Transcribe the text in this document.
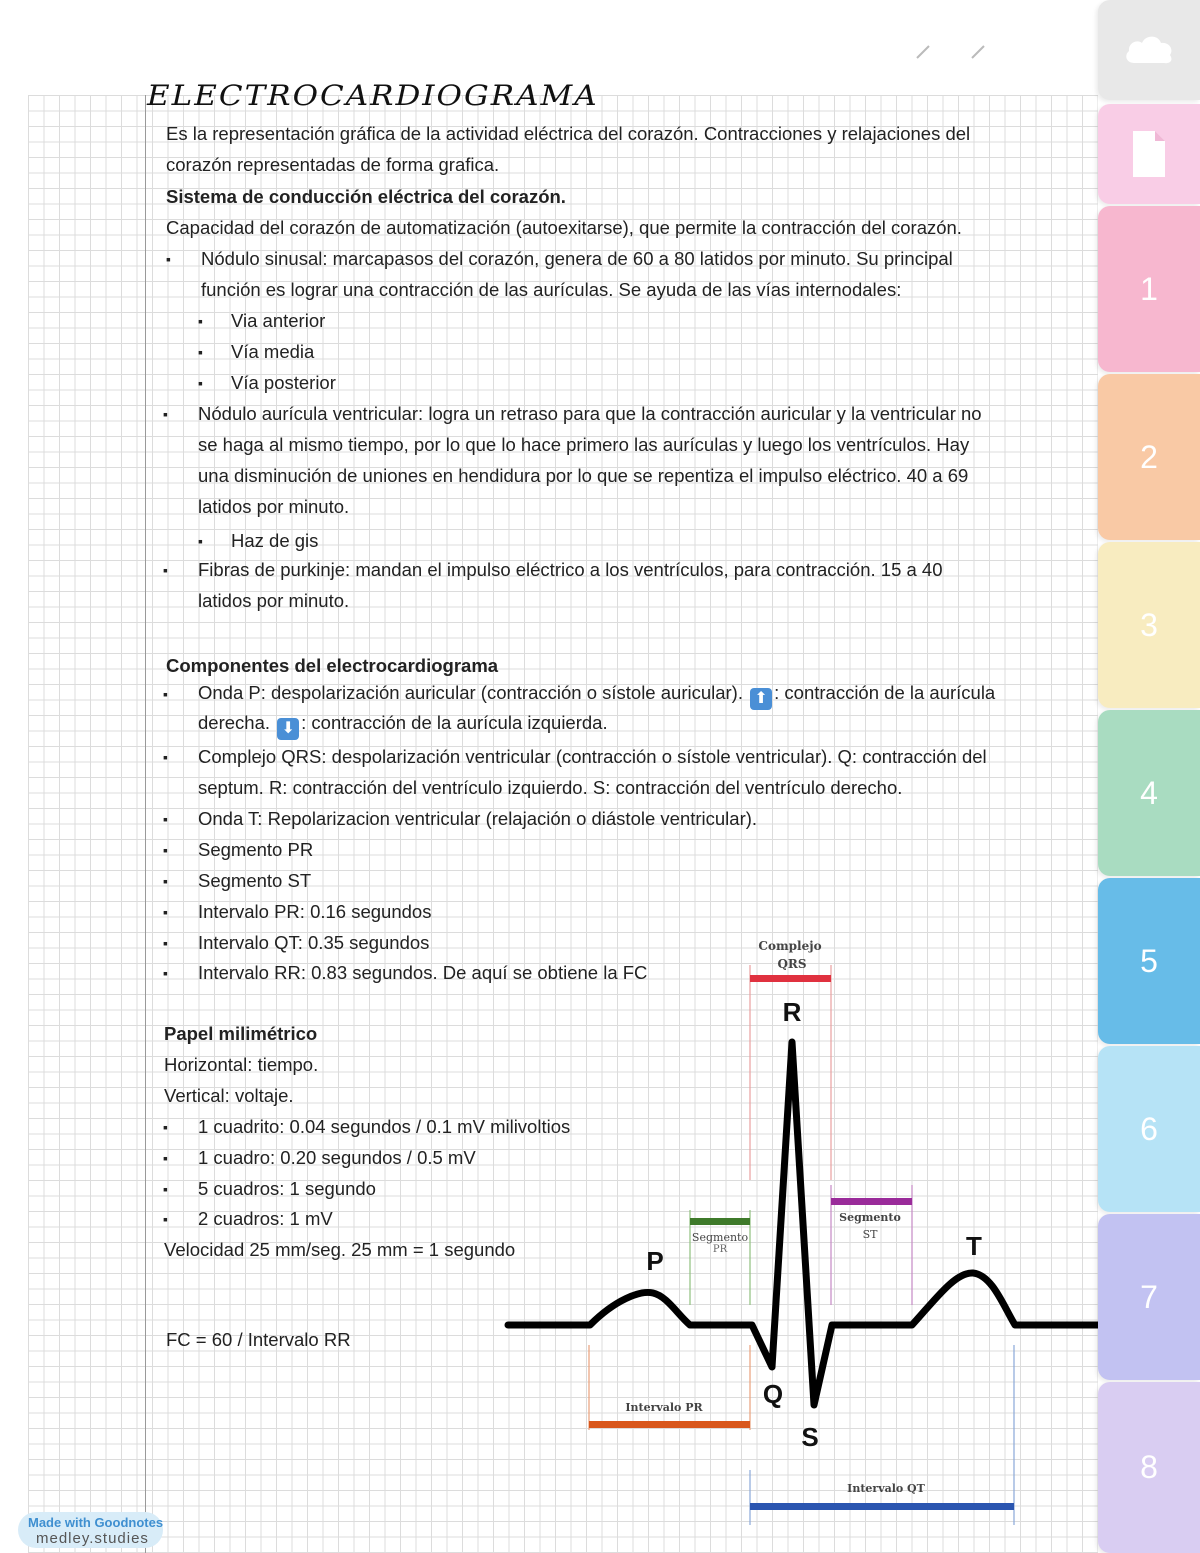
ELECTROCARDIOGRAMA
Es la representación gráfica de la actividad eléctrica del corazón. Contracciones y relajaciones del
corazón representadas de forma grafica.
Sistema de conducción eléctrica del corazón.
Capacidad del corazón de automatización (autoexitarse), que permite la contracción del corazón.
▪ Nódulo sinusal: marcapasos del corazón, genera de 60 a 80 latidos por minuto. Su principal
función es lograr una contracción de las aurículas. Se ayuda de las vías internodales:
▪ Via anterior
▪ Vía media
▪ Vía posterior
▪ Nódulo aurícula ventricular: logra un retraso para que la contracción auricular y la ventricular no
se haga al mismo tiempo, por lo que lo hace primero las aurículas y luego los ventrículos. Hay
una disminución de uniones en hendidura por lo que se repentiza el impulso eléctrico. 40 a 69
latidos por minuto.
▪ Haz de gis
▪ Fibras de purkinje: mandan el impulso eléctrico a los ventrículos, para contracción. 15 a 40
latidos por minuto.
Componentes del electrocardiograma
▪ Onda P: despolarización auricular (contracción o sístole auricular). ⬆ : contracción de la aurícula
derecha. ⬇ : contracción de la aurícula izquierda.
▪ Complejo QRS: despolarización ventricular (contracción o sístole ventricular). Q: contracción del
septum. R: contracción del ventrículo izquierdo. S: contracción del ventrículo derecho.
▪ Onda T: Repolarizacion ventricular (relajación o diástole ventricular).
▪ Segmento PR
▪ Segmento ST
▪ Intervalo PR: 0.16 segundos
▪ Intervalo QT: 0.35 segundos
▪ Intervalo RR: 0.83 segundos. De aquí se obtiene la FC
Papel milimétrico
Horizontal: tiempo.
Vertical: voltaje.
▪ 1 cuadrito: 0.04 segundos / 0.1 mV milivoltios
▪ 1 cuadro: 0.20 segundos / 0.5 mV
▪ 5 cuadros: 1 segundo
▪ 2 cuadros: 1 mV
Velocidad 25 mm/seg. 25 mm = 1 segundo
FC = 60 / Intervalo RR
Complejo
QRS
Segmento
PR
Segmento
ST
Intervalo PR
Intervalo QT
P
Q
R
S
T
1
2
3
4
5
6
7
8
Made with Goodnotes
medley.studies
